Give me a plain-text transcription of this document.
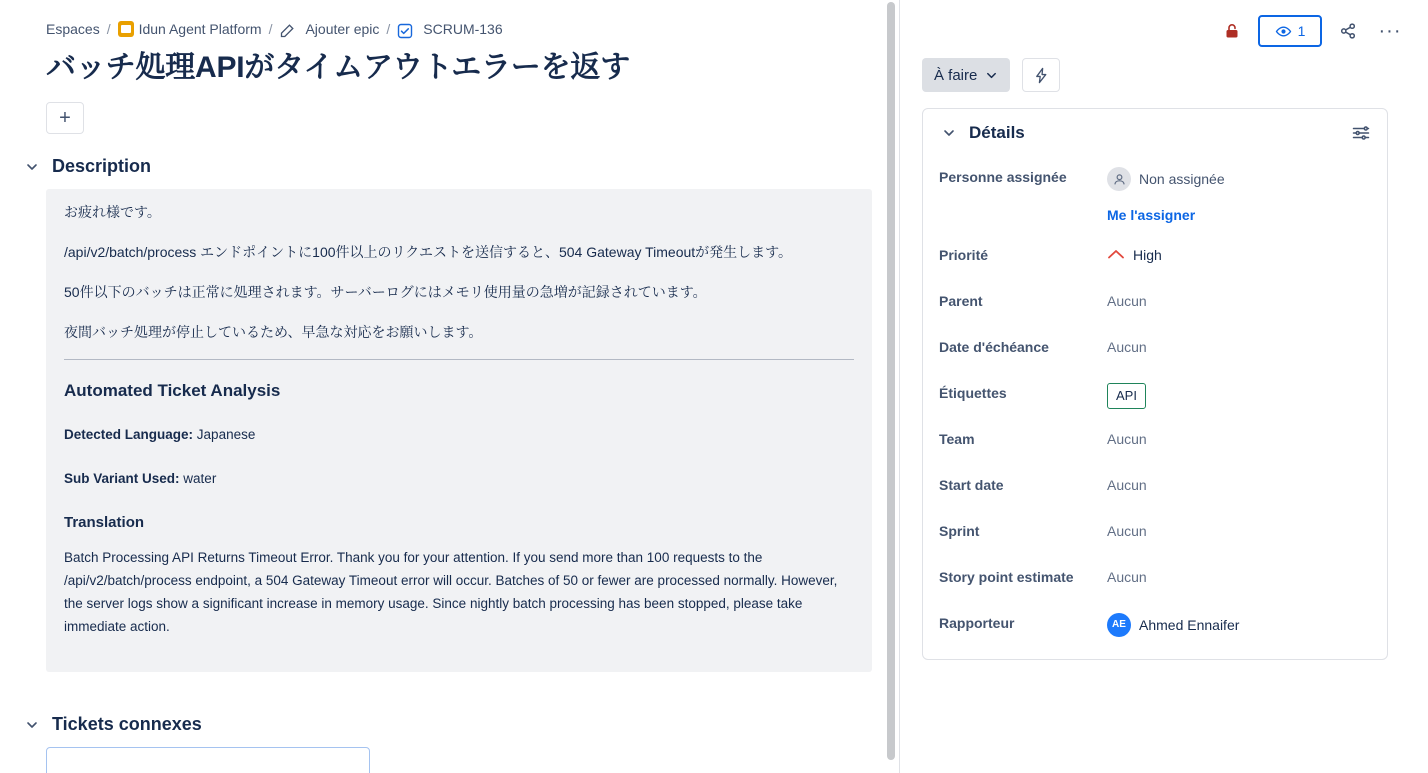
Espaces / Idun Agent Platform / Ajouter epic / SCRUM-136
バッチ処理APIがタイムアウトエラーを返す
+
Description

お疲れ様です。

/api/v2/batch/process エンドポイントに100件以上のリクエストを送信すると、504 Gateway Timeoutが発生します。

50件以下のバッチは正常に処理されます。サーバーログにはメモリ使用量の急増が記録されています。

夜間バッチ処理が停止しているため、早急な対応をお願いします。

Automated Ticket Analysis
Detected Language: Japanese
Sub Variant Used: water
Translation

Batch Processing API Returns Timeout Error. Thank you for your attention. If you send more than 100 requests to the /api/v2/batch/process endpoint, a 504 Gateway Timeout error will occur. Batches of 50 or fewer are processed normally. However, the server logs show a significant increase in memory usage. Since nightly batch processing has been stopped, please take immediate action.

Tickets connexes
1	···
À faire
Détails
Personne assignée	Non assignée
Me l'assigner
Priorité	High
Parent	Aucun
Date d'échéance	Aucun
Étiquettes	API
Team	Aucun
Start date	Aucun
Sprint	Aucun
Story point estimate	Aucun
Rapporteur	AE Ahmed Ennaifer
